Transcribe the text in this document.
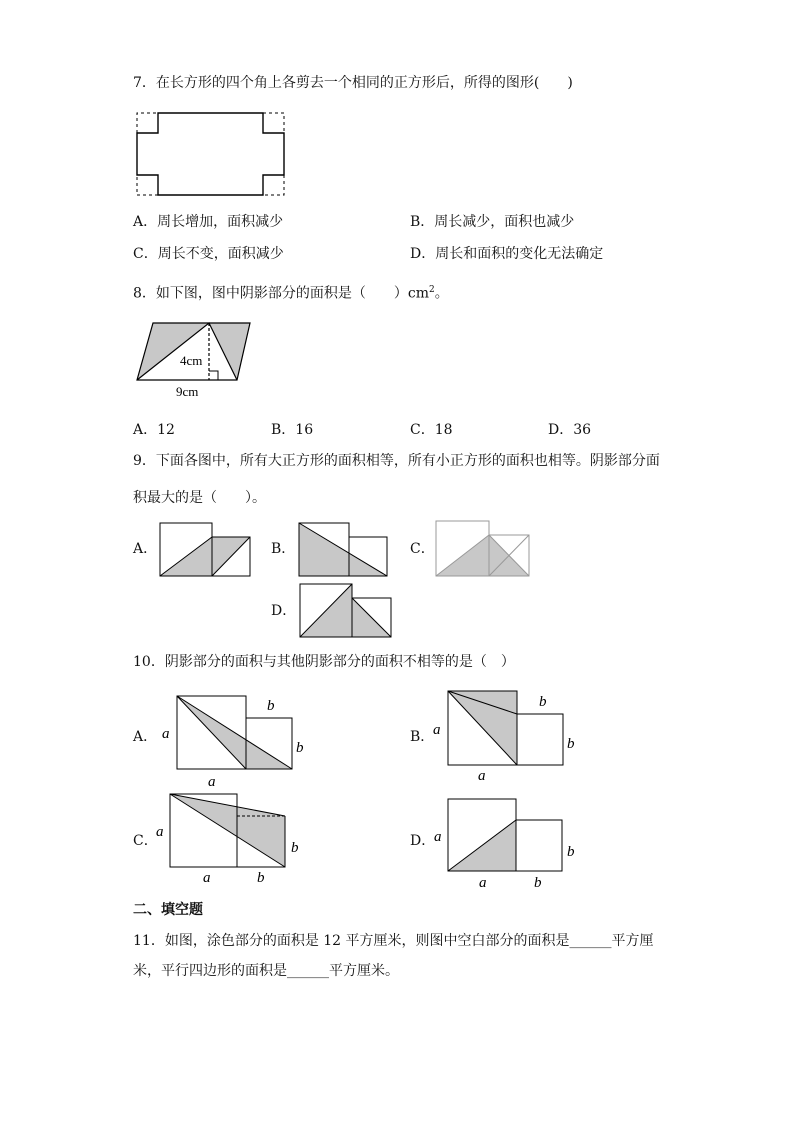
7．在长方形的四个角上各剪去一个相同的正方形后，所得的图形(　　)
A．周长增加，面积减少	B．周长减少，面积也减少
C．周长不变，面积减少	D．周长和面积的变化无法确定
8．如下图，图中阴影部分的面积是（　　）$cm^2$。
4cm
9cm
A．12	B．16	C．18	D．36
9．下面各图中，所有大正方形的面积相等，所有小正方形的面积也相等。阴影部分面
积最大的是（　　）。
A．	B．	C．
D．
10．阴影部分的面积与其他阴影部分的面积不相等的是（　）
A． a
a
b
b
B．
a
a
b
b
C．
a
a	b
b	D．
a
a	b
b
二、填空题
11．如图，涂色部分的面积是 12 平方厘米，则图中空白部分的面积是______平方厘
米，平行四边形的面积是______平方厘米。
